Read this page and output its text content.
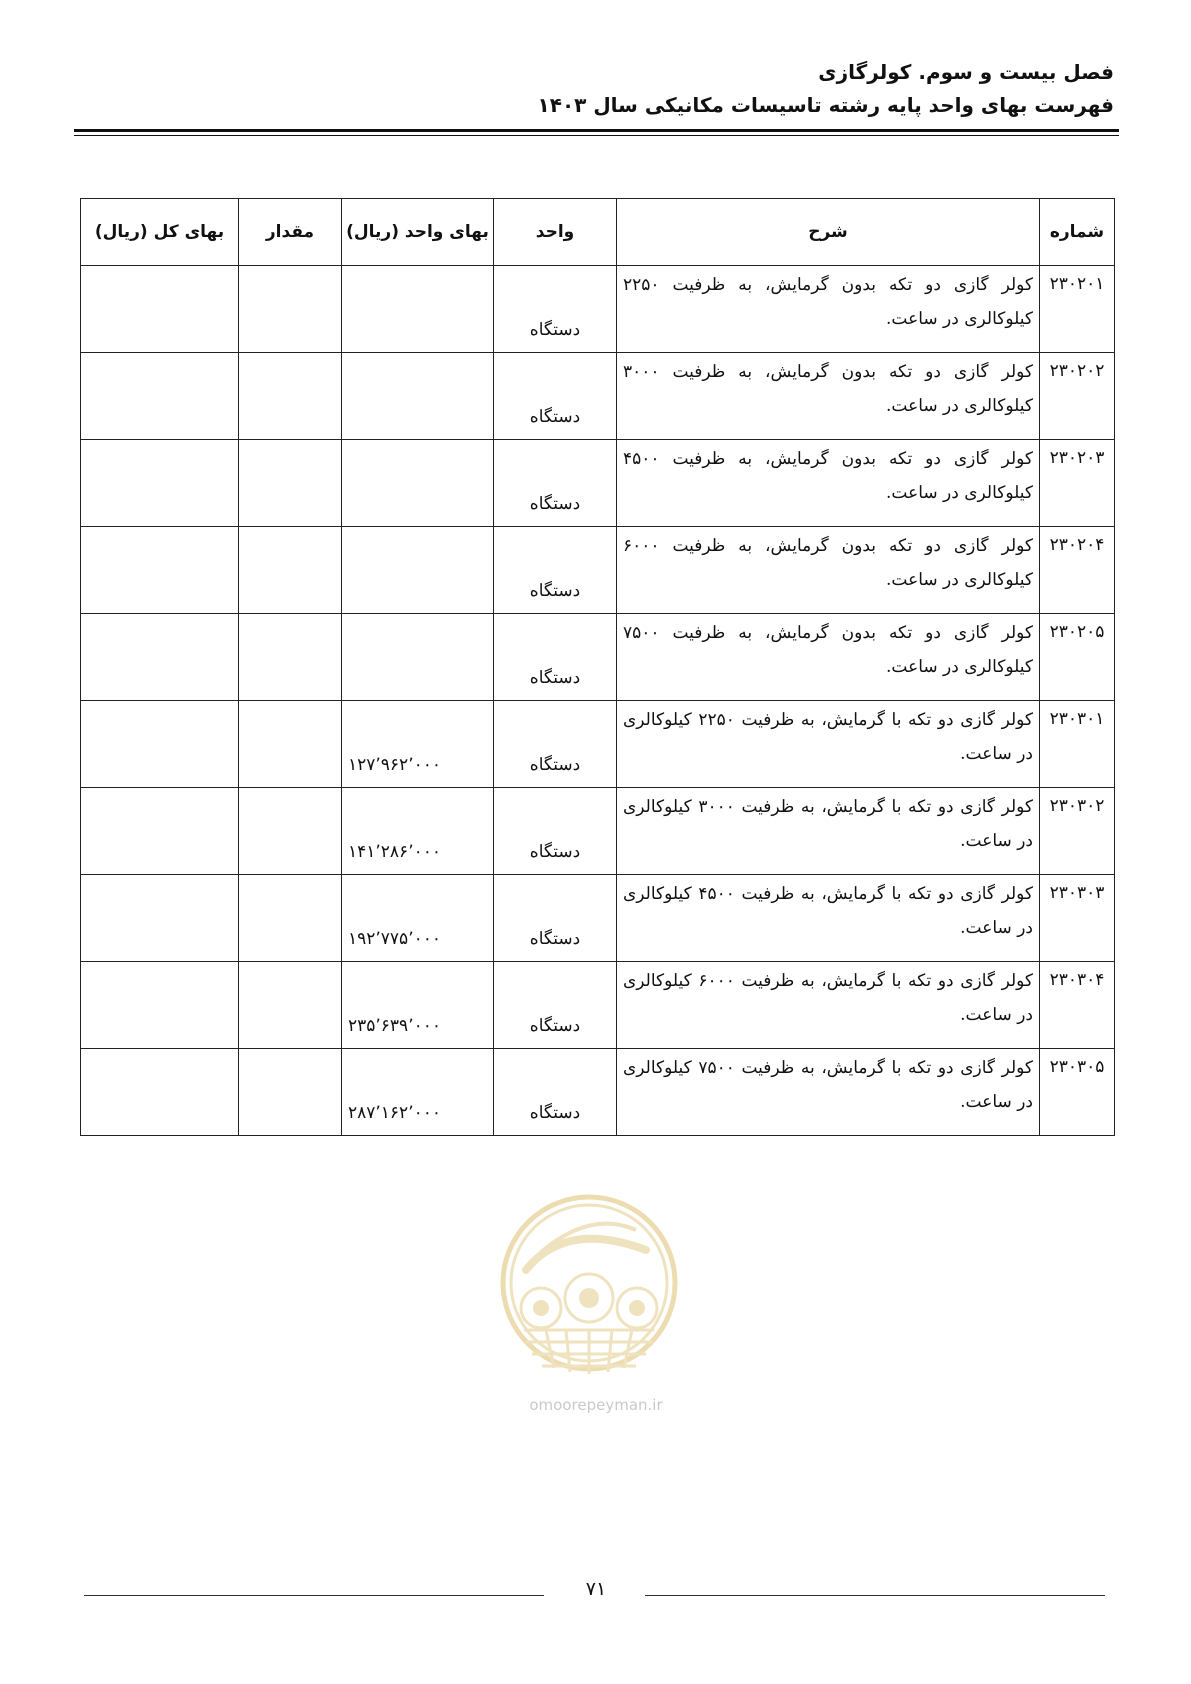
فصل بیست و سوم. کولرگازی
فهرست بهای واحد پایه رشته تاسیسات مکانیکی سال ۱۴۰۳
شماره	شرح	واحد	بهای واحد (ریال)	مقدار	بهای کل (ریال)
۲۳۰۲۰۱	کولر گازی دو تکه بدون گرمایش، به ظرفیت ۲۲۵۰ کیلوکالری در ساعت.	دستگاه			
۲۳۰۲۰۲	کولر گازی دو تکه بدون گرمایش، به ظرفیت ۳۰۰۰ کیلوکالری در ساعت.	دستگاه			
۲۳۰۲۰۳	کولر گازی دو تکه بدون گرمایش، به ظرفیت ۴۵۰۰ کیلوکالری در ساعت.	دستگاه			
۲۳۰۲۰۴	کولر گازی دو تکه بدون گرمایش، به ظرفیت ۶۰۰۰ کیلوکالری در ساعت.	دستگاه			
۲۳۰۲۰۵	کولر گازی دو تکه بدون گرمایش، به ظرفیت ۷۵۰۰ کیلوکالری در ساعت.	دستگاه			
۲۳۰۳۰۱	کولر گازی دو تکه با گرمایش، به ظرفیت ۲۲۵۰ کیلوکالری در ساعت.	دستگاه	۱۲۷٬۹۶۲٬۰۰۰		
۲۳۰۳۰۲	کولر گازی دو تکه با گرمایش، به ظرفیت ۳۰۰۰ کیلوکالری در ساعت.	دستگاه	۱۴۱٬۲۸۶٬۰۰۰		
۲۳۰۳۰۳	کولر گازی دو تکه با گرمایش، به ظرفیت ۴۵۰۰ کیلوکالری در ساعت.	دستگاه	۱۹۲٬۷۷۵٬۰۰۰		
۲۳۰۳۰۴	کولر گازی دو تکه با گرمایش، به ظرفیت ۶۰۰۰ کیلوکالری در ساعت.	دستگاه	۲۳۵٬۶۳۹٬۰۰۰		
۲۳۰۳۰۵	کولر گازی دو تکه با گرمایش، به ظرفیت ۷۵۰۰ کیلوکالری در ساعت.	دستگاه	۲۸۷٬۱۶۲٬۰۰۰		
omoorepeyman.ir
۷۱
